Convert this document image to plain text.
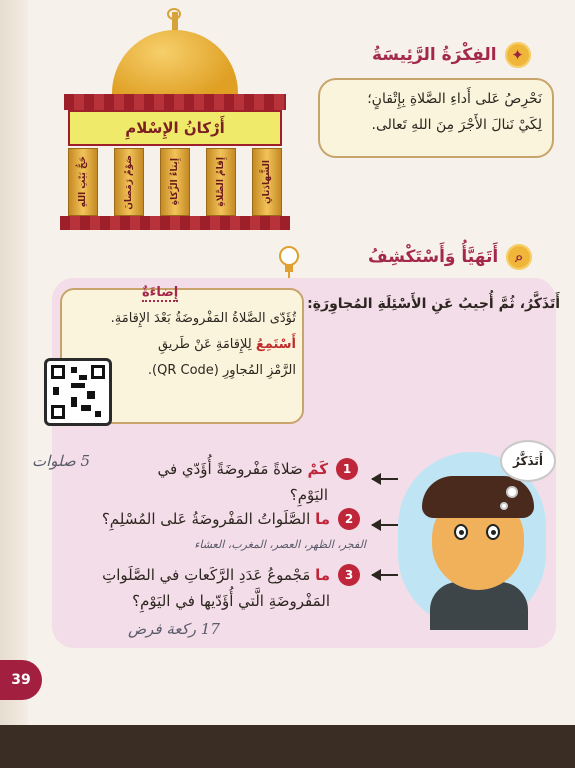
✦
الفِكْرَةُ الرَّئِيسَةُ
نَحْرِصُ عَلى أَداءِ الصَّلاةِ بِإِتْقانٍ؛
لِكَيْ نَنالَ الأَجْرَ مِنَ اللهِ تَعالى.
أَرْكانُ الإِسْلامِ
حَجُّ بَيْتِ اللهِ	صَوْمُ رَمَضانَ	إِيتاءُ الزَّكاةِ	إِقامُ الصَّلاةِ	الشَّهادَتانِ
⌕
أَتَهَيَّأُ وَأَسْتَكْشِفُ
أَتَذَكَّرُ، ثُمَّ أُجيبُ عَنِ الأَسْئِلَةِ المُجاوِرَةِ:
إِضاءَةٌ
تُؤَدّى الصَّلاةُ المَفْروضَةُ بَعْدَ الإِقامَةِ.
أَسْتَمِعُ لِلإِقامَةِ عَنْ طَريقِ
الرَّمْزِ المُجاوِرِ (QR Code).
1
كَمْ صَلاةً مَفْروضَةً أُؤَدّي في اليَوْمِ؟
5 صلوات
2
ما الصَّلَواتُ المَفْروضَةُ عَلى المُسْلِمِ؟
الفجر، الظهر، العصر، المغرب، العشاء
3
ما مَجْموعُ عَدَدِ الرَّكَعاتِ في الصَّلَواتِ المَفْروضَةِ الَّتي أُؤَدّيها في اليَوْمِ؟
17 ركعة فرض
أَتَذَكَّرُ
39
